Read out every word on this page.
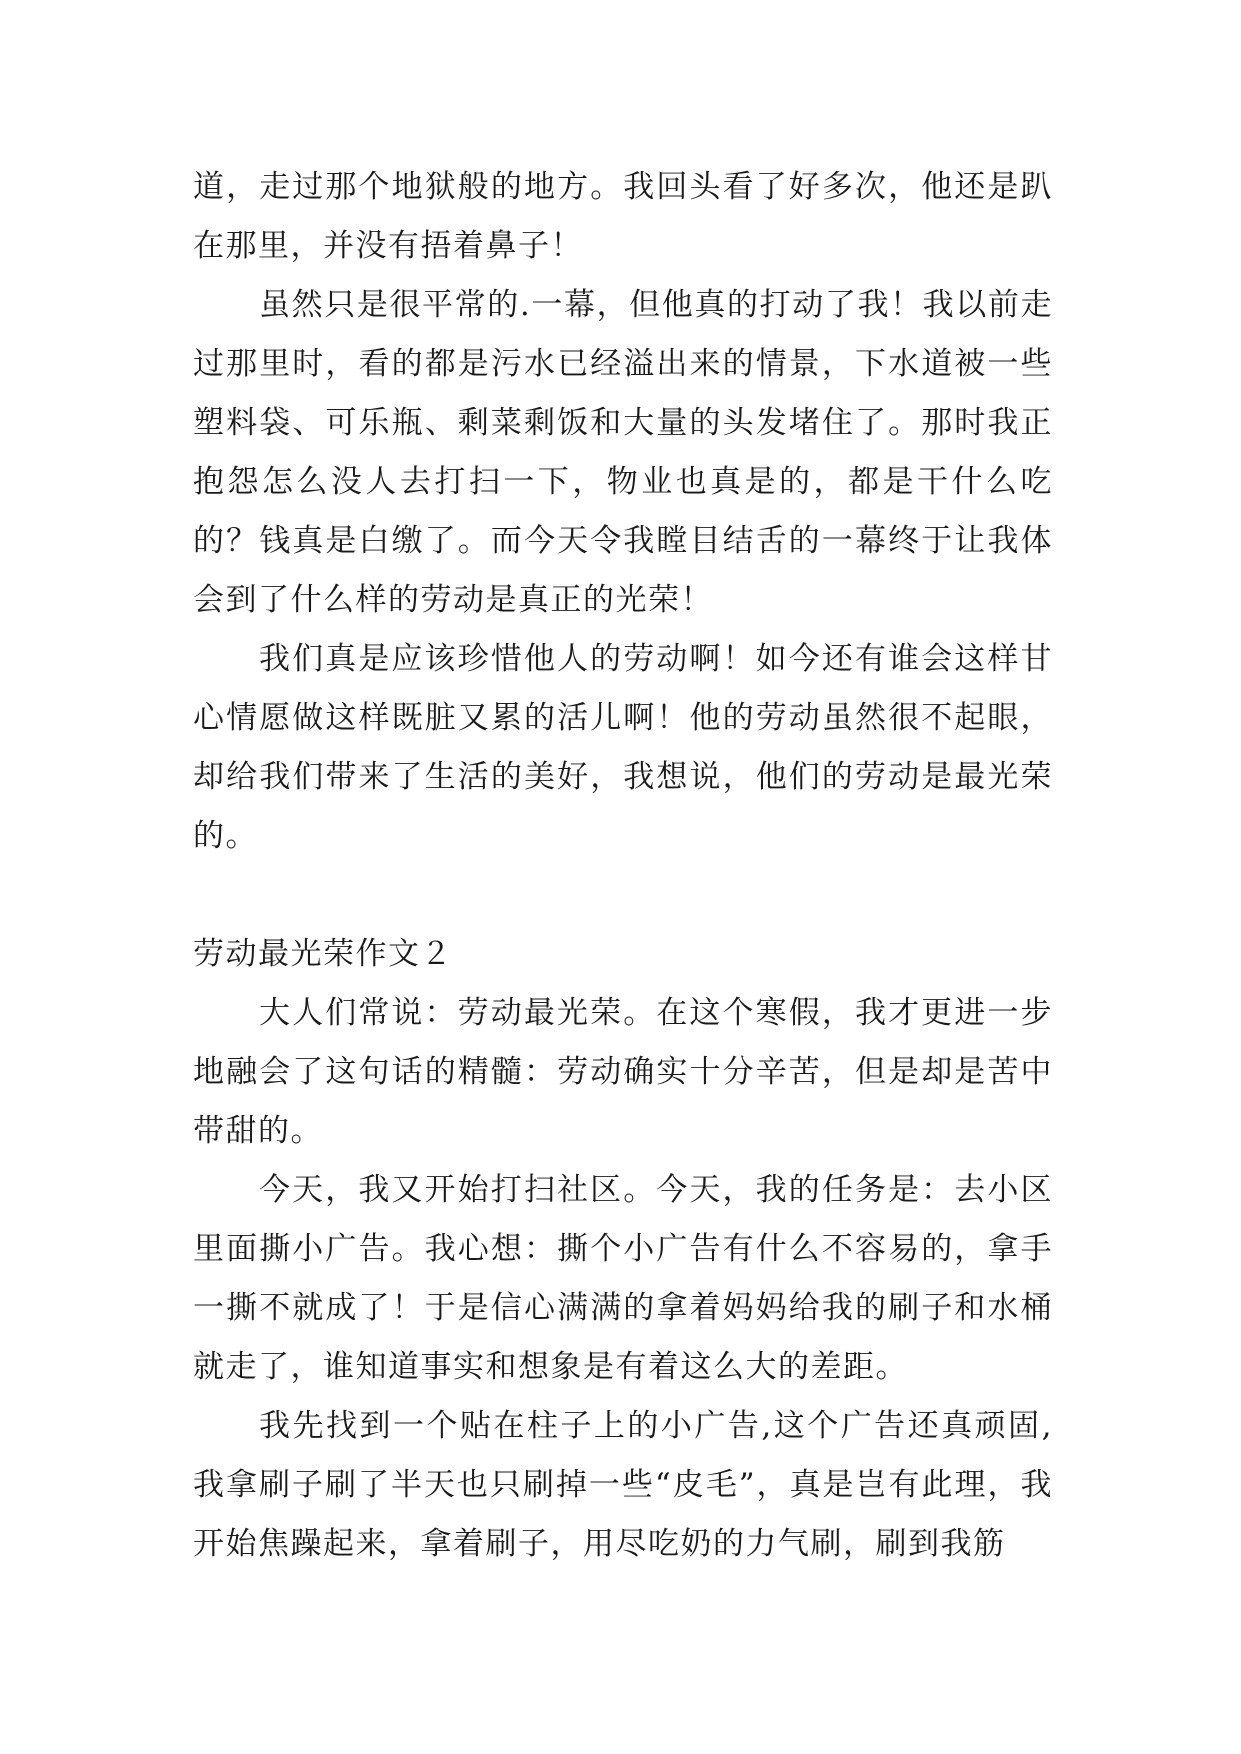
道，走过那个地狱般的地方。我回头看了好多次，他还是趴在那里，并没有捂着鼻子！

虽然只是很平常的.一幕，但他真的打动了我！我以前走过那里时，看的都是污水已经溢出来的情景，下水道被一些塑料袋、可乐瓶、剩菜剩饭和大量的头发堵住了。那时我正抱怨怎么没人去打扫一下，物业也真是的，都是干什么吃的？钱真是白缴了。而今天令我瞠目结舌的一幕终于让我体会到了什么样的劳动是真正的光荣！

我们真是应该珍惜他人的劳动啊！如今还有谁会这样甘心情愿做这样既脏又累的活儿啊！他的劳动虽然很不起眼，却给我们带来了生活的美好，我想说，他们的劳动是最光荣的。

劳动最光荣作文２

大人们常说：劳动最光荣。在这个寒假，我才更进一步地融会了这句话的精髓：劳动确实十分辛苦，但是却是苦中带甜的。

今天，我又开始打扫社区。今天，我的任务是：去小区里面撕小广告。我心想：撕个小广告有什么不容易的，拿手一撕不就成了！于是信心满满的拿着妈妈给我的刷子和水桶就走了，谁知道事实和想象是有着这么大的差距。

我先找到一个贴在柱子上的小广告,这个广告还真顽固,我拿刷子刷了半天也只刷掉一些“皮毛”，真是岂有此理，我开始焦躁起来，拿着刷子，用尽吃奶的力气刷，刷到我筋
